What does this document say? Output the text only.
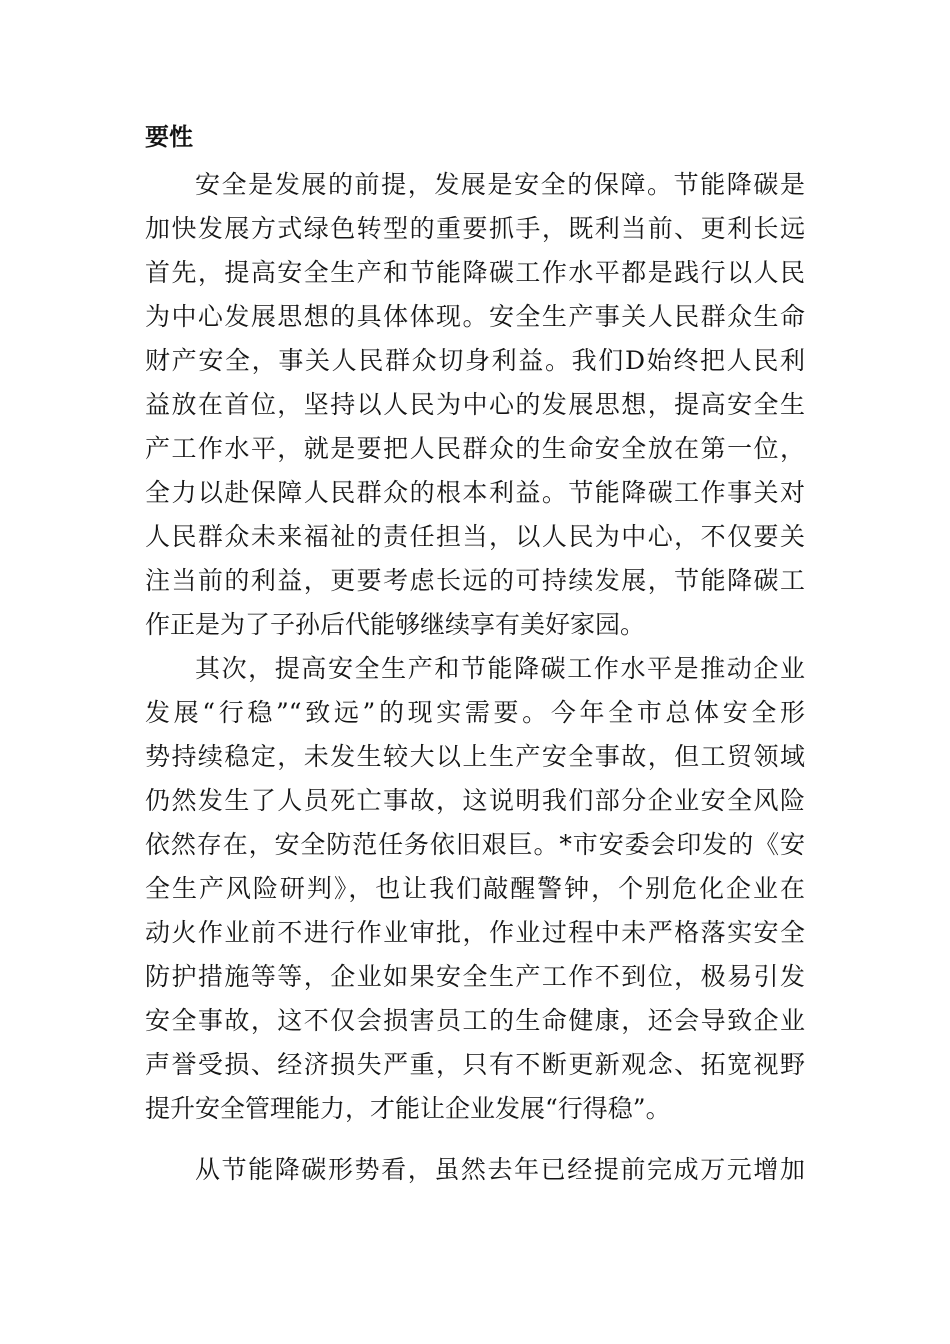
要性

安全是发展的前提，发展是安全的保障。节能降碳是

加快发展方式绿色转型的重要抓手，既利当前、更利长远

首先，提高安全生产和节能降碳工作水平都是践行以人民

为中心发展思想的具体体现。安全生产事关人民群众生命

财产安全，事关人民群众切身利益。我们D始终把人民利

益放在首位，坚持以人民为中心的发展思想，提高安全生

产工作水平，就是要把人民群众的生命安全放在第一位，

全力以赴保障人民群众的根本利益。节能降碳工作事关对

人民群众未来福祉的责任担当，以人民为中心，不仅要关

注当前的利益，更要考虑长远的可持续发展，节能降碳工

作正是为了子孙后代能够继续享有美好家园。

其次，提高安全生产和节能降碳工作水平是推动企业

发展“行稳”“致远”的现实需要。今年全市总体安全形

势持续稳定，未发生较大以上生产安全事故，但工贸领域

仍然发生了人员死亡事故，这说明我们部分企业安全风险

依然存在，安全防范任务依旧艰巨。*市安委会印发的《安

全生产风险研判》，也让我们敲醒警钟，个别危化企业在

动火作业前不进行作业审批，作业过程中未严格落实安全

防护措施等等，企业如果安全生产工作不到位，极易引发

安全事故，这不仅会损害员工的生命健康，还会导致企业

声誉受损、经济损失严重，只有不断更新观念、拓宽视野

提升安全管理能力，才能让企业发展“行得稳”。

从节能降碳形势看，虽然去年已经提前完成万元增加
